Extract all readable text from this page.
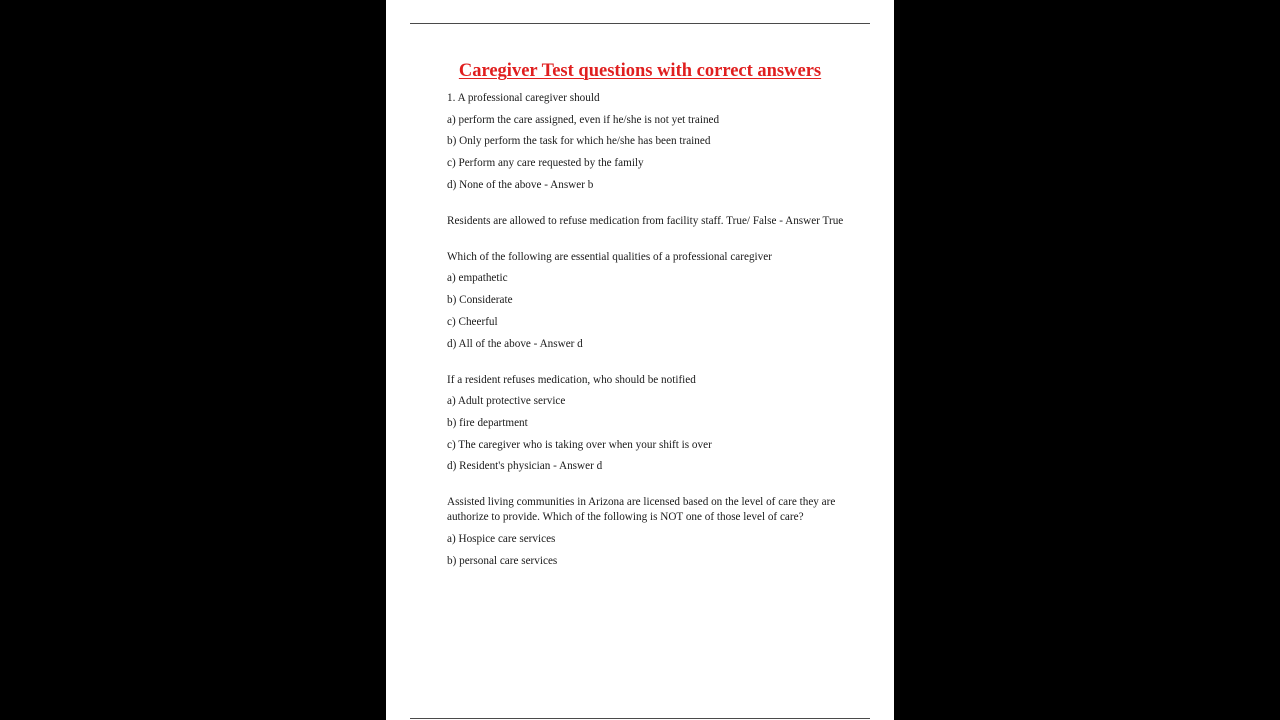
Caregiver Test questions with correct answers

1. A professional caregiver should

a) perform the care assigned, even if he/she is not yet trained

b) Only perform the task for which he/she has been trained

c) Perform any care requested by the family

d) None of the above - Answer b

Residents are allowed to refuse medication from facility staff. True/ False - Answer True

Which of the following are essential qualities of a professional caregiver

a) empathetic

b) Considerate

c) Cheerful

d) All of the above - Answer d

If a resident refuses medication, who should be notified

a) Adult protective service

b) fire department

c) The caregiver who is taking over when your shift is over

d) Resident's physician - Answer d

Assisted living communities in Arizona are licensed based on the level of care they are authorize to provide. Which of the following is NOT one of those level of care?

a) Hospice care services

b) personal care services
